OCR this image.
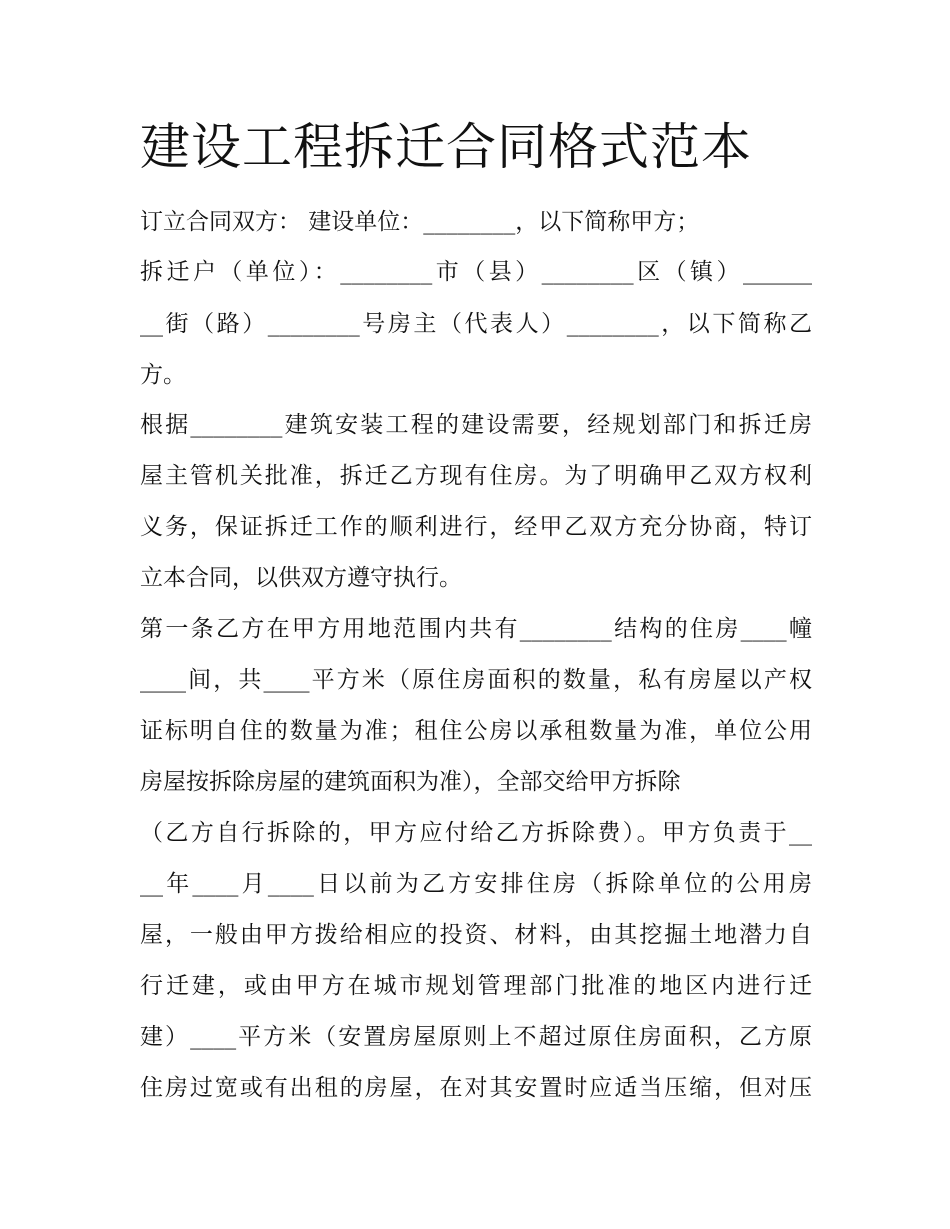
建设工程拆迁合同格式范本
订立合同双方： 建设单位：________，以下简称甲方；
拆迁户（单位）：________市（县）________区（镇）______
__街（路）________号房主（代表人）________，以下简称乙
方。
根据________建筑安装工程的建设需要，经规划部门和拆迁房
屋主管机关批准，拆迁乙方现有住房。为了明确甲乙双方权利
义务，保证拆迁工作的顺利进行，经甲乙双方充分协商，特订
立本合同，以供双方遵守执行。
第一条乙方在甲方用地范围内共有________结构的住房____幢
____间，共____平方米（原住房面积的数量，私有房屋以产权
证标明自住的数量为准；租住公房以承租数量为准，单位公用
房屋按拆除房屋的建筑面积为准），全部交给甲方拆除
（乙方自行拆除的，甲方应付给乙方拆除费）。甲方负责于__
__年____月____日以前为乙方安排住房（拆除单位的公用房
屋，一般由甲方拨给相应的投资、材料，由其挖掘土地潜力自
行迁建，或由甲方在城市规划管理部门批准的地区内进行迁
建）____平方米（安置房屋原则上不超过原住房面积，乙方原
住房过宽或有出租的房屋，在对其安置时应适当压缩，但对压
